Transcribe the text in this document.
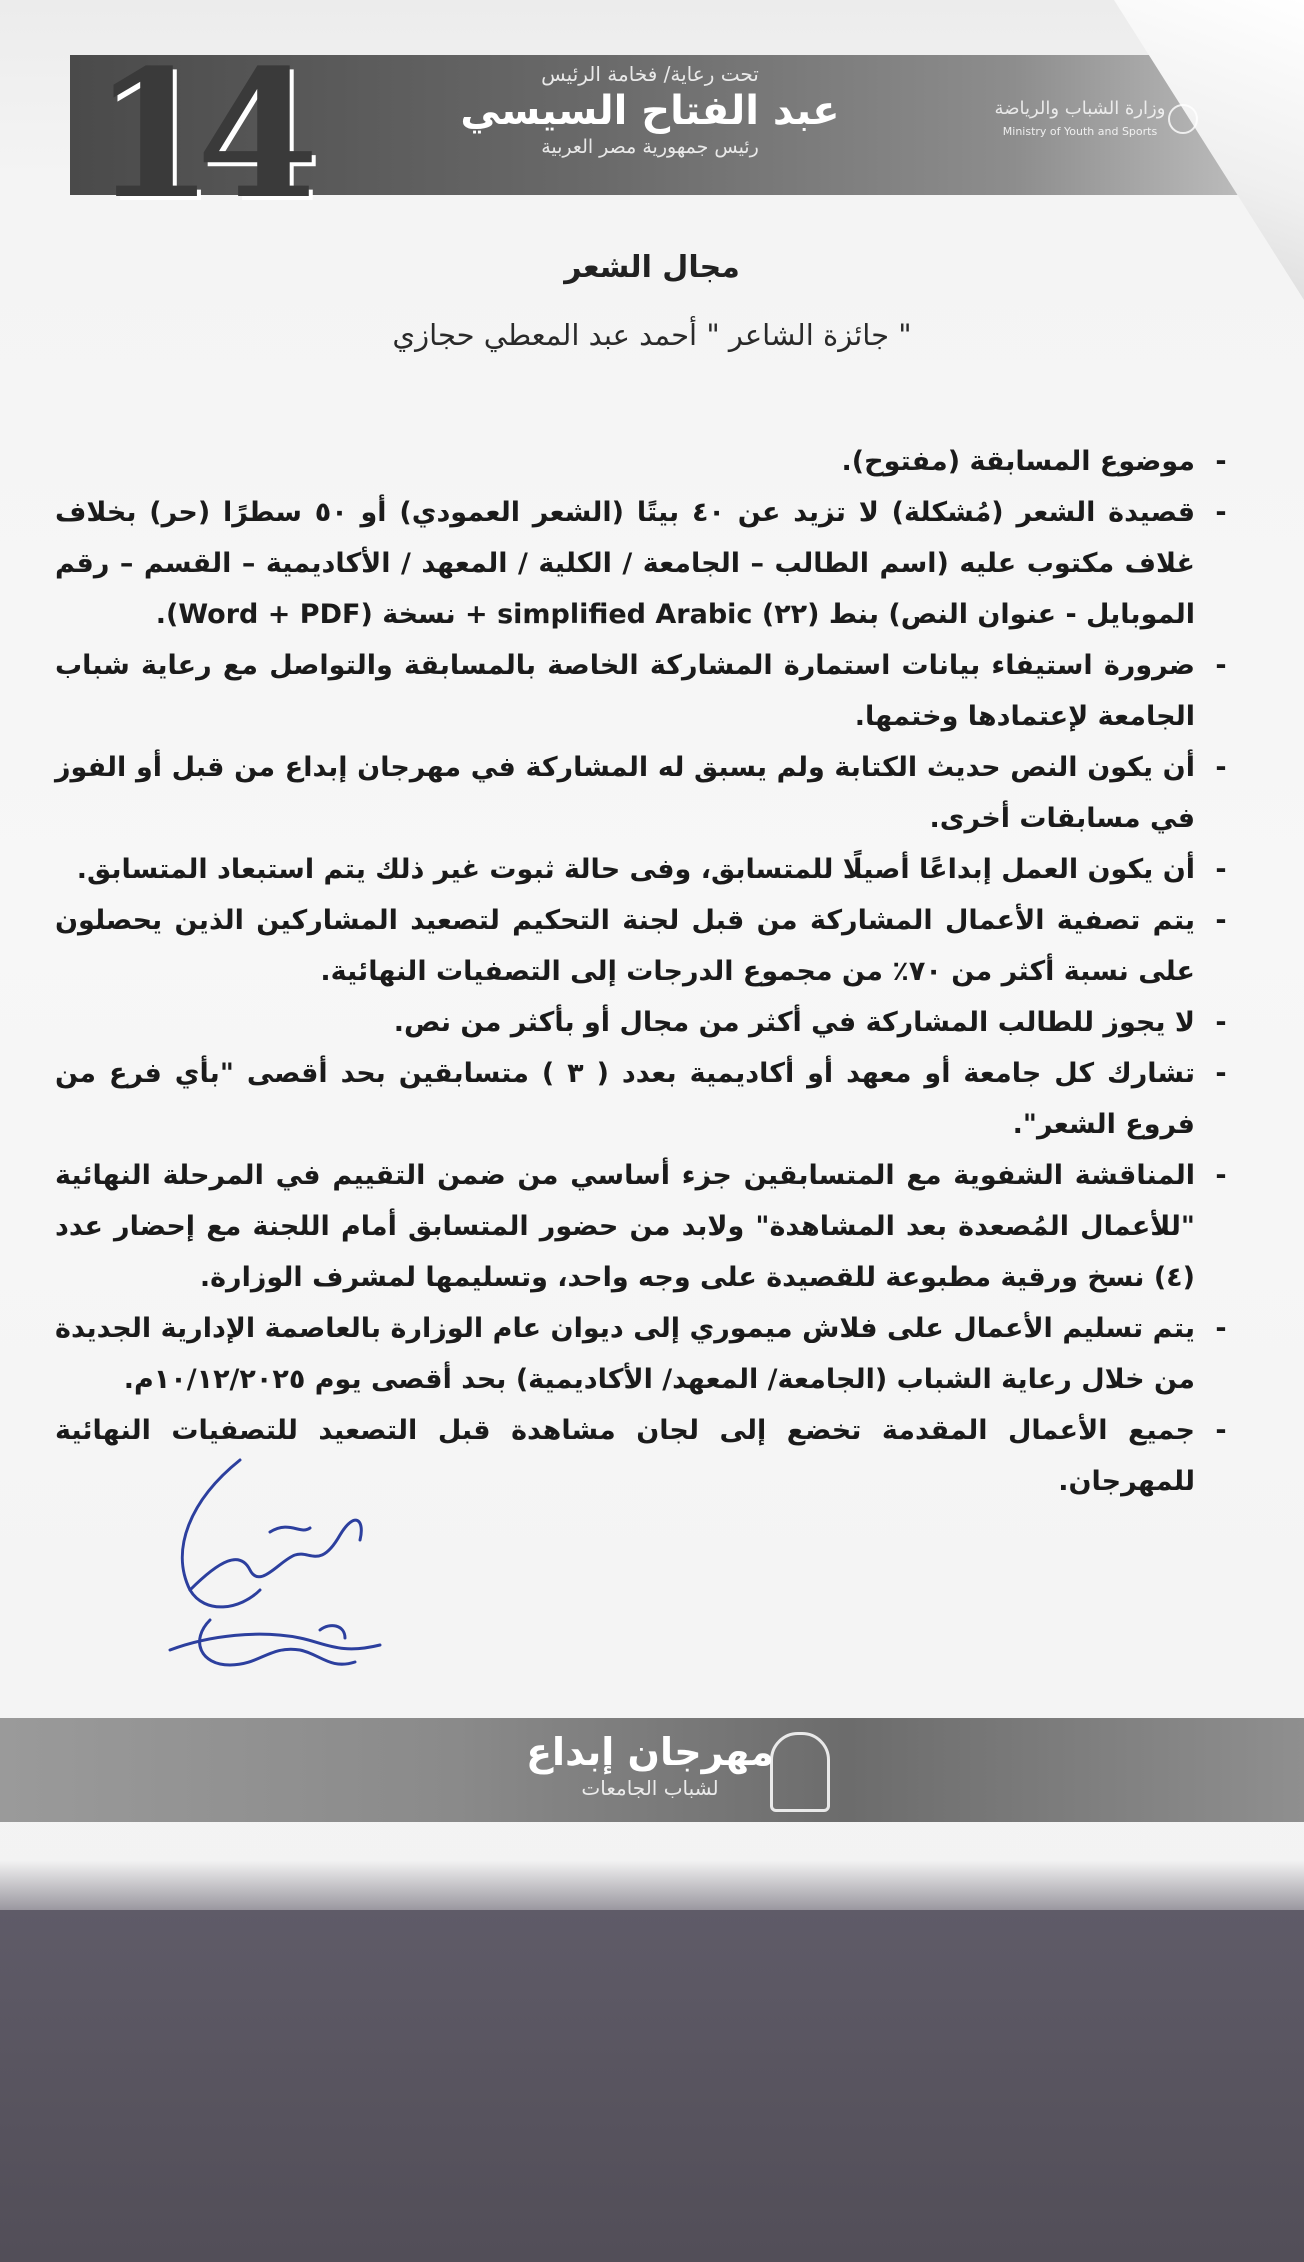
14	تحت رعاية/ فخامة الرئيس
عبد الفتاح السيسي
رئيس جمهورية مصر العربية
وزارة الشباب والرياضة
Ministry of Youth and Sports
مجال الشعر
جائزة الشاعر " أحمد عبد المعطي حجازي "
-
موضوع المسابقة (مفتوح).
-
قصيدة الشعر (مُشكلة) لا تزيد عن ٤٠ بيتًا (الشعر العمودي) أو ٥٠ سطرًا (حر) بخلاف غلاف مكتوب عليه (اسم الطالب – الجامعة / الكلية / المعهد / الأكاديمية – القسم – رقم الموبايل - عنوان النص) بنط (٢٢) simplified Arabic + نسخة (Word + PDF).
-
ضرورة استيفاء بيانات استمارة المشاركة الخاصة بالمسابقة والتواصل مع رعاية شباب الجامعة لإعتمادها وختمها.
-
أن يكون النص حديث الكتابة ولم يسبق له المشاركة في مهرجان إبداع من قبل أو الفوز في مسابقات أخرى.
-
أن يكون العمل إبداعًا أصيلًا للمتسابق، وفى حالة ثبوت غير ذلك يتم استبعاد المتسابق.
-
يتم تصفية الأعمال المشاركة من قبل لجنة التحكيم لتصعيد المشاركين الذين يحصلون على نسبة أكثر من ٧٠٪ من مجموع الدرجات إلى التصفيات النهائية.
-
لا يجوز للطالب المشاركة في أكثر من مجال أو بأكثر من نص.
-
تشارك كل جامعة أو معهد أو أكاديمية بعدد ( ٣ ) متسابقين بحد أقصى "بأي فرع من فروع الشعر".
-
المناقشة الشفوية مع المتسابقين جزء أساسي من ضمن التقييم في المرحلة النهائية "للأعمال المُصعدة بعد المشاهدة" ولابد من حضور المتسابق أمام اللجنة مع إحضار عدد (٤) نسخ ورقية مطبوعة للقصيدة على وجه واحد، وتسليمها لمشرف الوزارة.
-
يتم تسليم الأعمال على فلاش ميموري إلى ديوان عام الوزارة بالعاصمة الإدارية الجديدة من خلال رعاية الشباب (الجامعة/ المعهد/ الأكاديمية) بحد أقصى يوم ١٠/١٢/٢٠٢٥م.
-
جميع الأعمال المقدمة تخضع إلى لجان مشاهدة قبل التصعيد للتصفيات النهائية للمهرجان.
مهرجان إبداع
لشباب الجامعات
